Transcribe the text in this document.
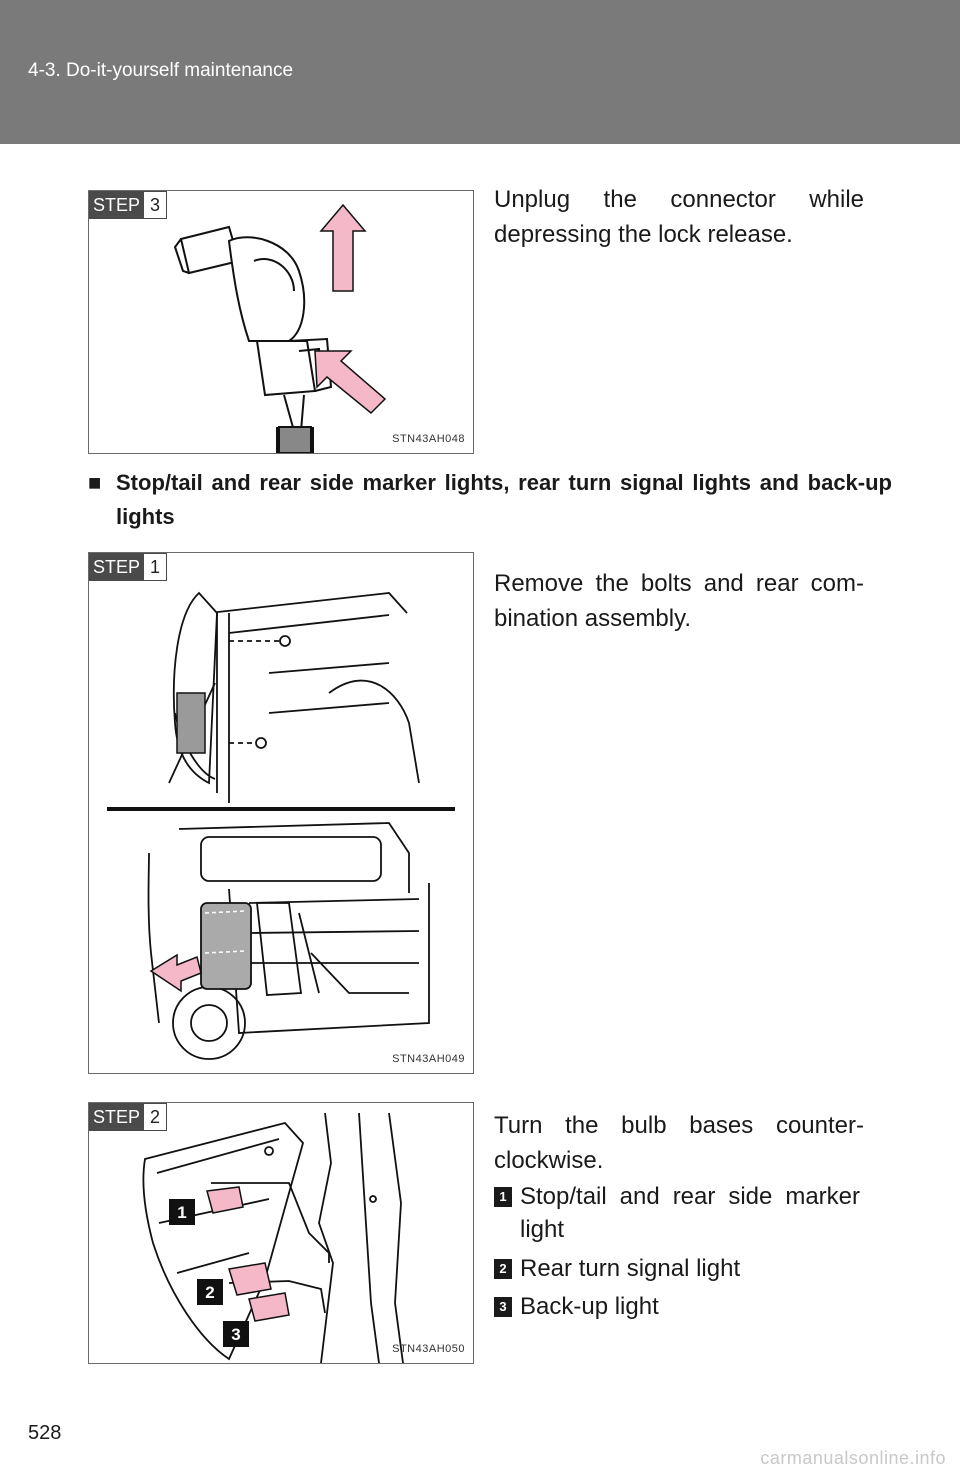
4-3. Do-it-yourself maintenance
STEP 3
STN43AH048
Unplug the connector while depressing the lock release.
■ Stop/tail and rear side marker lights, rear turn signal lights and back-up lights
STEP 1
STN43AH049
Remove the bolts and rear combination assembly.
1
2
3
STEP 2
STN43AH050
Turn the bulb bases counterclockwise.
1 Stop/tail and rear side marker light
2 Rear turn signal light
3 Back-up light
528
carmanualsonline.info
